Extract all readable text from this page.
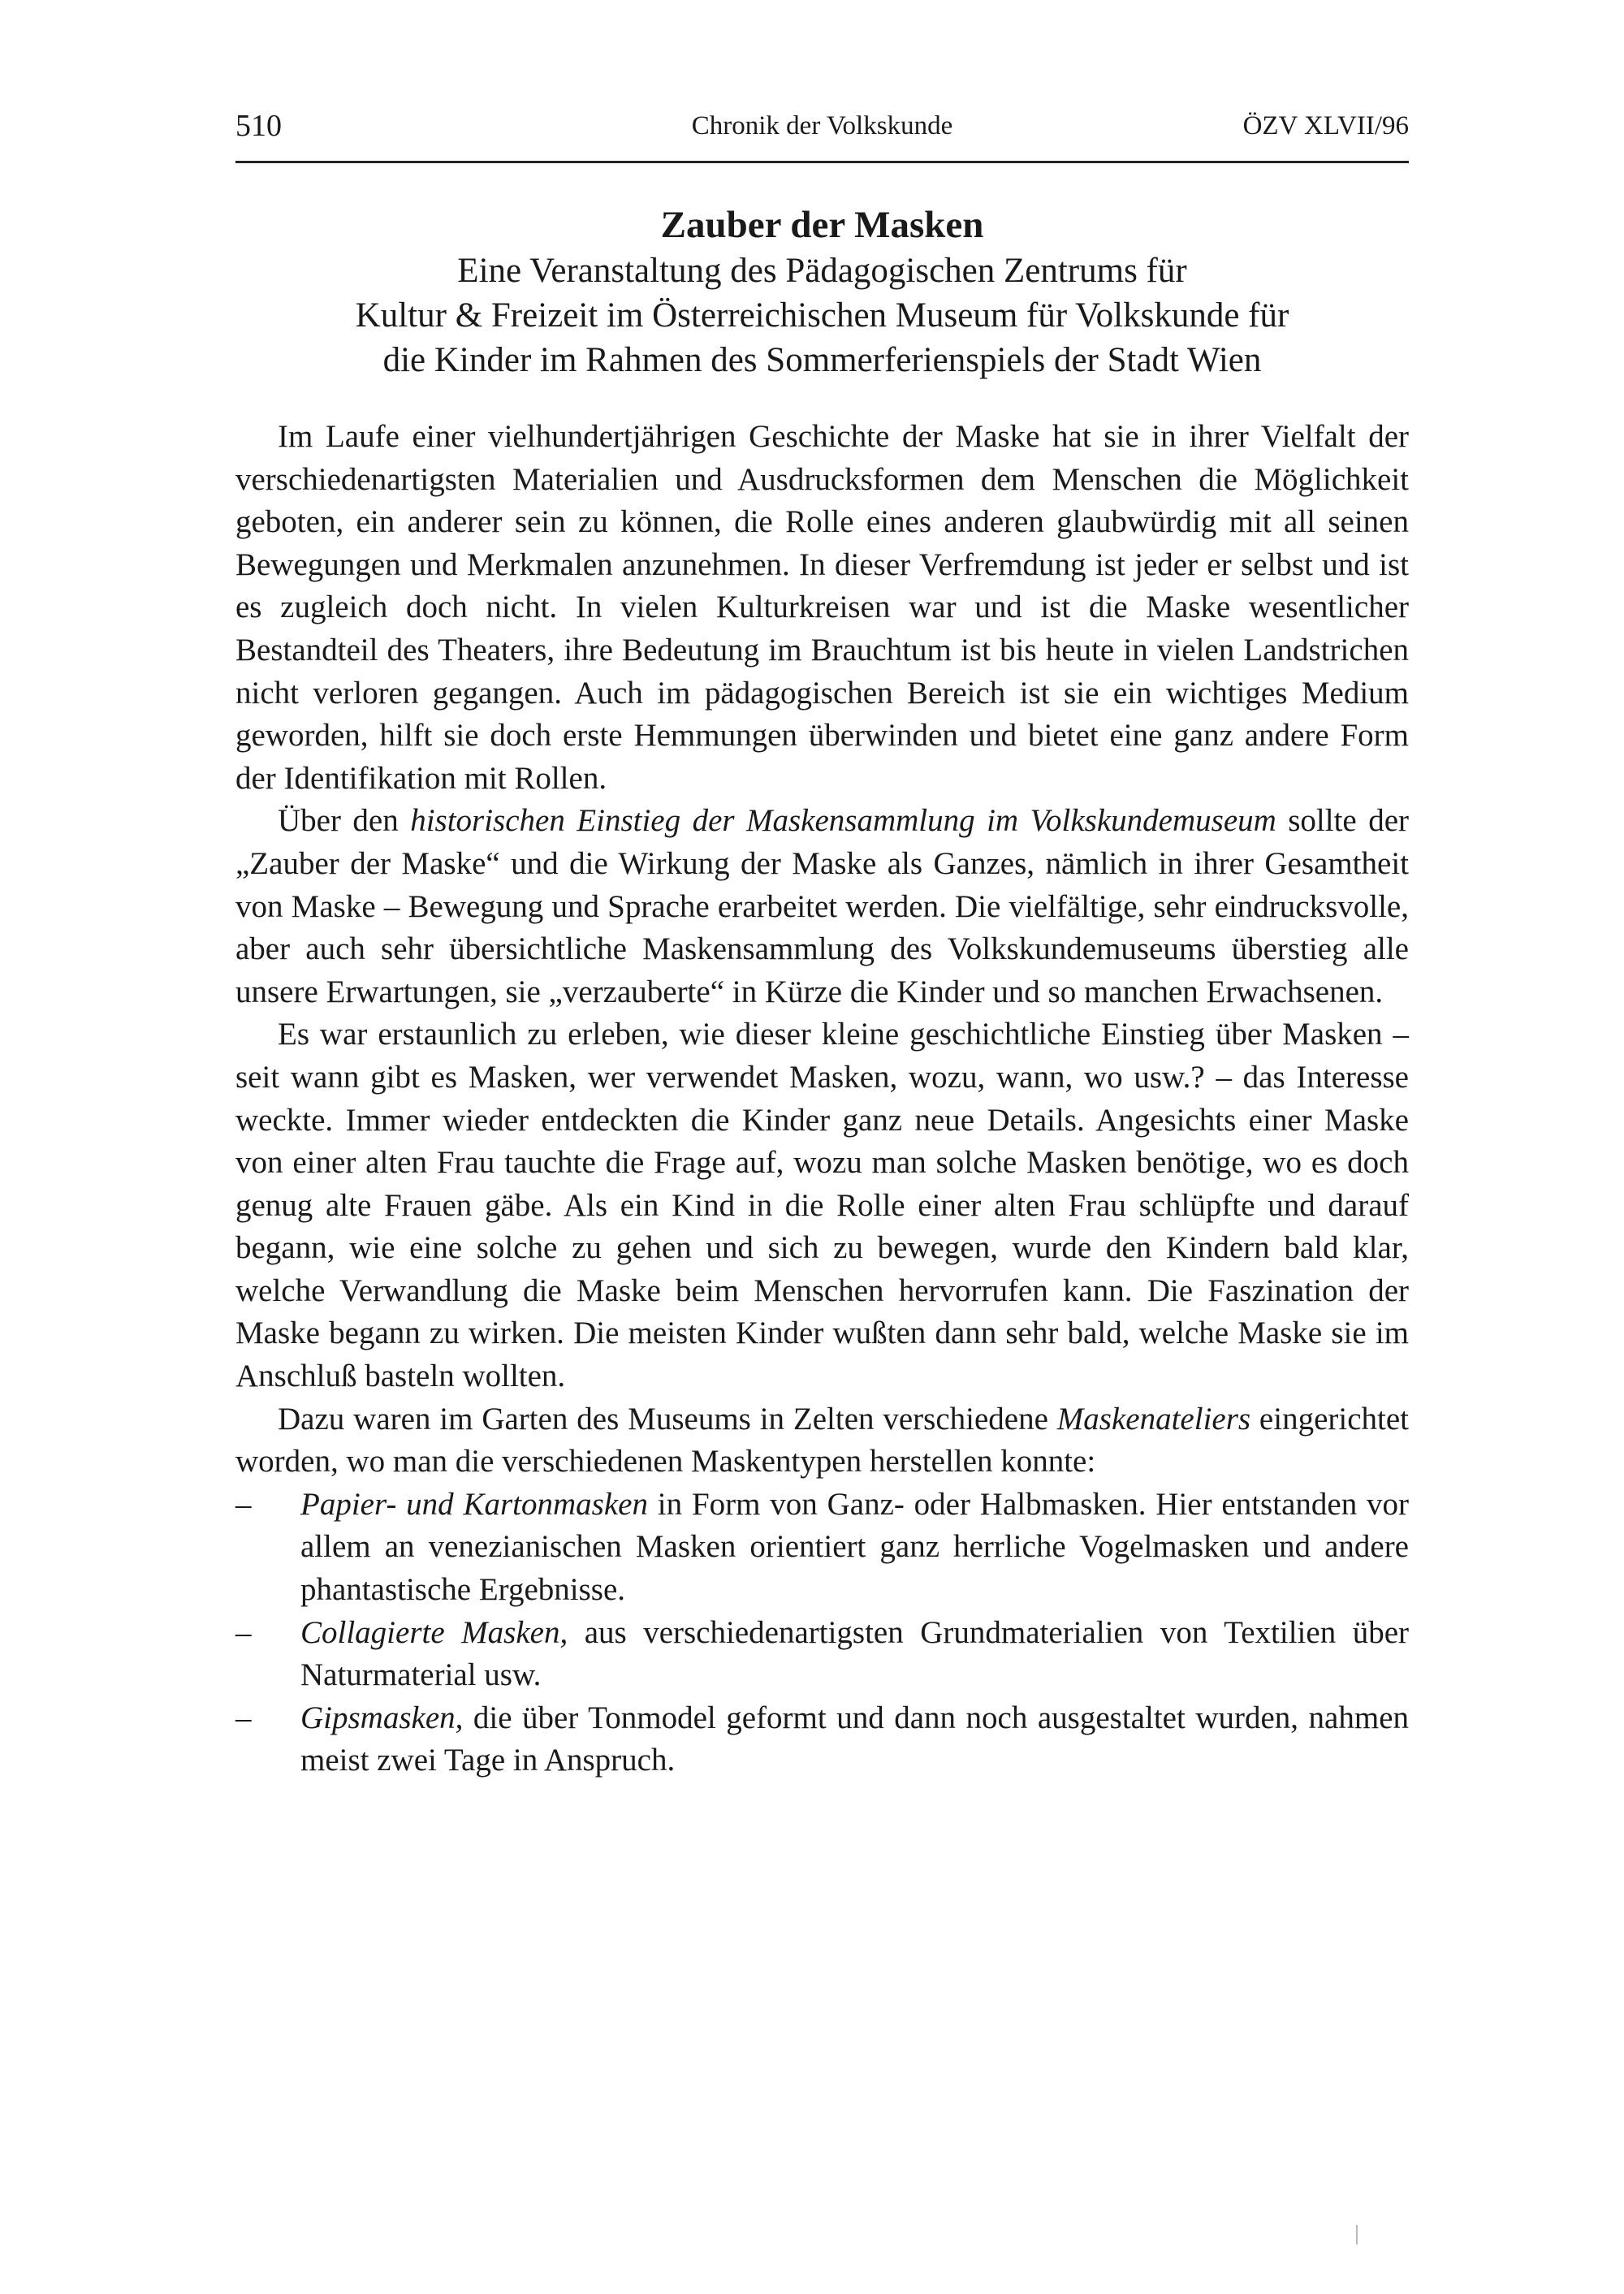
510	Chronik der Volkskunde	ÖZV XLVII/96
Zauber der Masken
Eine Veranstaltung des Pädagogischen Zentrums für
Kultur & Freizeit im Österreichischen Museum für Volkskunde für
die Kinder im Rahmen des Sommerferienspiels der Stadt Wien

Im Laufe einer vielhundertjährigen Geschichte der Maske hat sie in ihrer Vielfalt der verschiedenartigsten Materialien und Ausdrucksformen dem Menschen die Möglichkeit geboten, ein anderer sein zu können, die Rolle eines anderen glaubwürdig mit all seinen Bewegungen und Merkmalen anzunehmen. In dieser Verfremdung ist jeder er selbst und ist es zugleich doch nicht. In vielen Kulturkreisen war und ist die Maske wesentlicher Bestandteil des Theaters, ihre Bedeutung im Brauchtum ist bis heute in vielen Landstrichen nicht verloren gegangen. Auch im pädagogischen Bereich ist sie ein wichtiges Medium geworden, hilft sie doch erste Hemmungen überwinden und bietet eine ganz andere Form der Identifikation mit Rollen.

Über den historischen Einstieg der Maskensammlung im Volkskundemuseum sollte der „Zauber der Maske“ und die Wirkung der Maske als Ganzes, nämlich in ihrer Gesamtheit von Maske – Bewegung und Sprache erarbeitet werden. Die vielfältige, sehr eindrucksvolle, aber auch sehr übersichtliche Maskensammlung des Volkskundemuseums überstieg alle unsere Erwartungen, sie „verzauberte“ in Kürze die Kinder und so manchen Erwachsenen.

Es war erstaunlich zu erleben, wie dieser kleine geschichtliche Einstieg über Masken – seit wann gibt es Masken, wer verwendet Masken, wozu, wann, wo usw.? – das Interesse weckte. Immer wieder entdeckten die Kinder ganz neue Details. Angesichts einer Maske von einer alten Frau tauchte die Frage auf, wozu man solche Masken benötige, wo es doch genug alte Frauen gäbe. Als ein Kind in die Rolle einer alten Frau schlüpfte und darauf begann, wie eine solche zu gehen und sich zu bewegen, wurde den Kindern bald klar, welche Verwandlung die Maske beim Menschen hervorrufen kann. Die Faszination der Maske begann zu wirken. Die meisten Kinder wußten dann sehr bald, welche Maske sie im Anschluß basteln wollten.

Dazu waren im Garten des Museums in Zelten verschiedene Maskenateliers eingerichtet worden, wo man die verschiedenen Maskentypen herstellen konnte:

–	Papier- und Kartonmasken in Form von Ganz- oder Halbmasken. Hier entstanden vor allem an venezianischen Masken orientiert ganz herrliche Vogelmasken und andere phantastische Ergebnisse.
–	Collagierte Masken, aus verschiedenartigsten Grundmaterialien von Textilien über Naturmaterial usw.
–	Gipsmasken, die über Tonmodel geformt und dann noch ausgestaltet wurden, nahmen meist zwei Tage in Anspruch.
